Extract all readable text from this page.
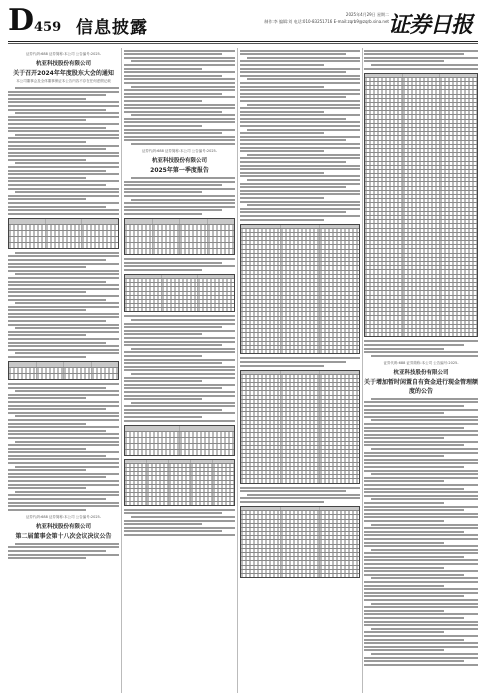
D 459 信息披露
2025年4月29日 星期二
制作:李 编辑:刘 电话:010-83251716 E-mail:zqrb9@zqrb.sina.net
证券日报
证券代码:688 证券简称:本公司 公告编号:2025-
杭亚科技股份有限公司
关于召开2024年年度股东大会的通知
本公司董事会及全体董事保证本公告内容不存在任何虚假记载
证券代码:688 证券简称:本公司 公告编号:2025-
杭亚科技股份有限公司
第二届董事会第十八次会议决议公告
证券代码:688 证券简称:本公司 公告编号:2025-
杭亚科技股份有限公司
2025年第一季度报告
证券代码:688 证券简称:本公司 公告编号:2025-
杭亚科技股份有限公司
关于增加暂时闲置自有资金进行现金管理额度的公告
